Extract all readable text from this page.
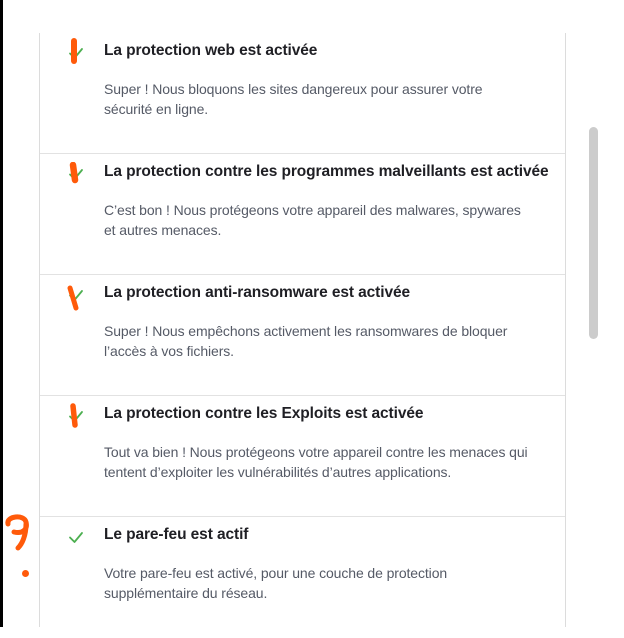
La protection web est activée
Super ! Nous bloquons les sites dangereux pour assurer votre sécurité en ligne.
La protection contre les programmes malveillants est activée
C’est bon ! Nous protégeons votre appareil des malwares, spywares et autres menaces.
La protection anti-ransomware est activée
Super ! Nous empêchons activement les ransomwares de bloquer l’accès à vos fichiers.
La protection contre les Exploits est activée
Tout va bien ! Nous protégeons votre appareil contre les menaces qui tentent d’exploiter les vulnérabilités d’autres applications.
Le pare-feu est actif
Votre pare-feu est activé, pour une couche de protection supplémentaire du réseau.
